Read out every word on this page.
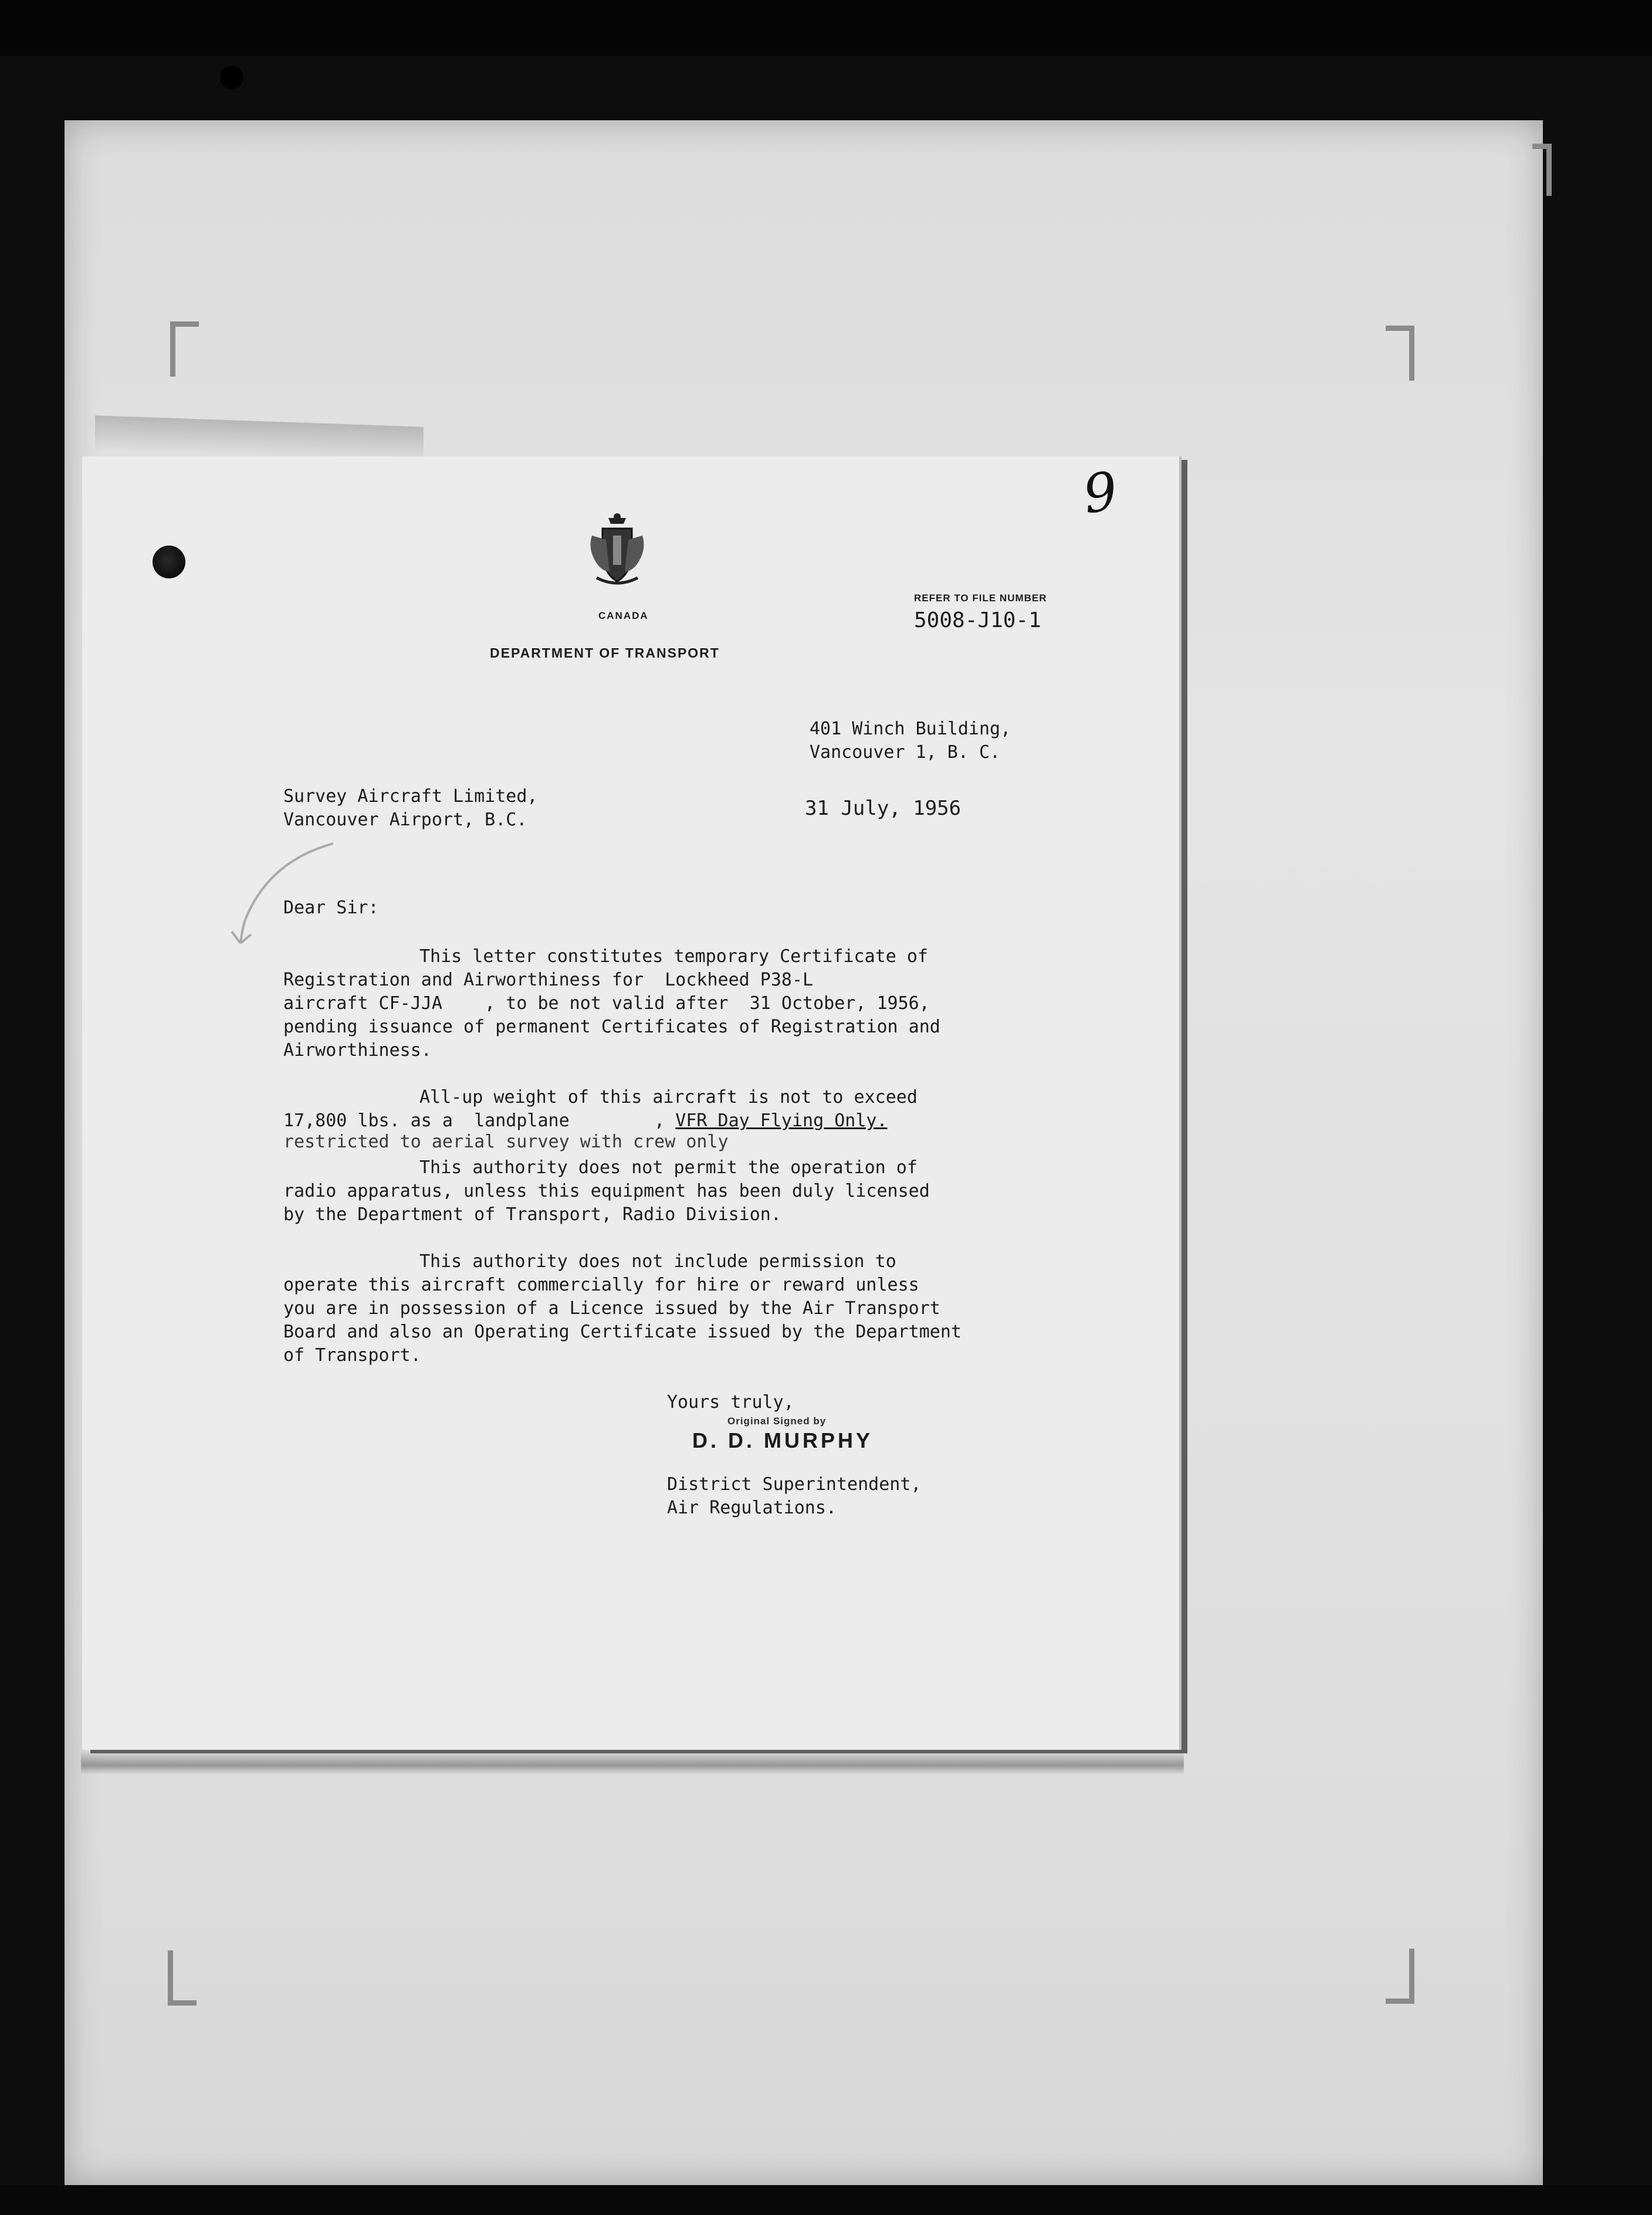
9
CANADA
DEPARTMENT OF TRANSPORT
REFER TO FILE NUMBER
5008-J10-1
401 Winch Building,
Vancouver 1, B. C.
Survey Aircraft Limited,
Vancouver Airport, B.C.	31 July, 1956
Dear Sir:
This letter constitutes temporary Certificate of
Registration and Airworthiness for  Lockheed P38-L
aircraft CF-JJA    , to be not valid after  31 October, 1956,
pending issuance of permanent Certificates of Registration and
Airworthiness.
All-up weight of this aircraft is not to exceed
17,800 lbs. as a  landplane        , VFR Day Flying Only.
restricted to aerial survey with crew only
This authority does not permit the operation of
radio apparatus, unless this equipment has been duly licensed
by the Department of Transport, Radio Division.
This authority does not include permission to
operate this aircraft commercially for hire or reward unless
you are in possession of a Licence issued by the Air Transport
Board and also an Operating Certificate issued by the Department
of Transport.
Yours truly,
Original Signed by
D. D. MURPHY
District Superintendent,
Air Regulations.
